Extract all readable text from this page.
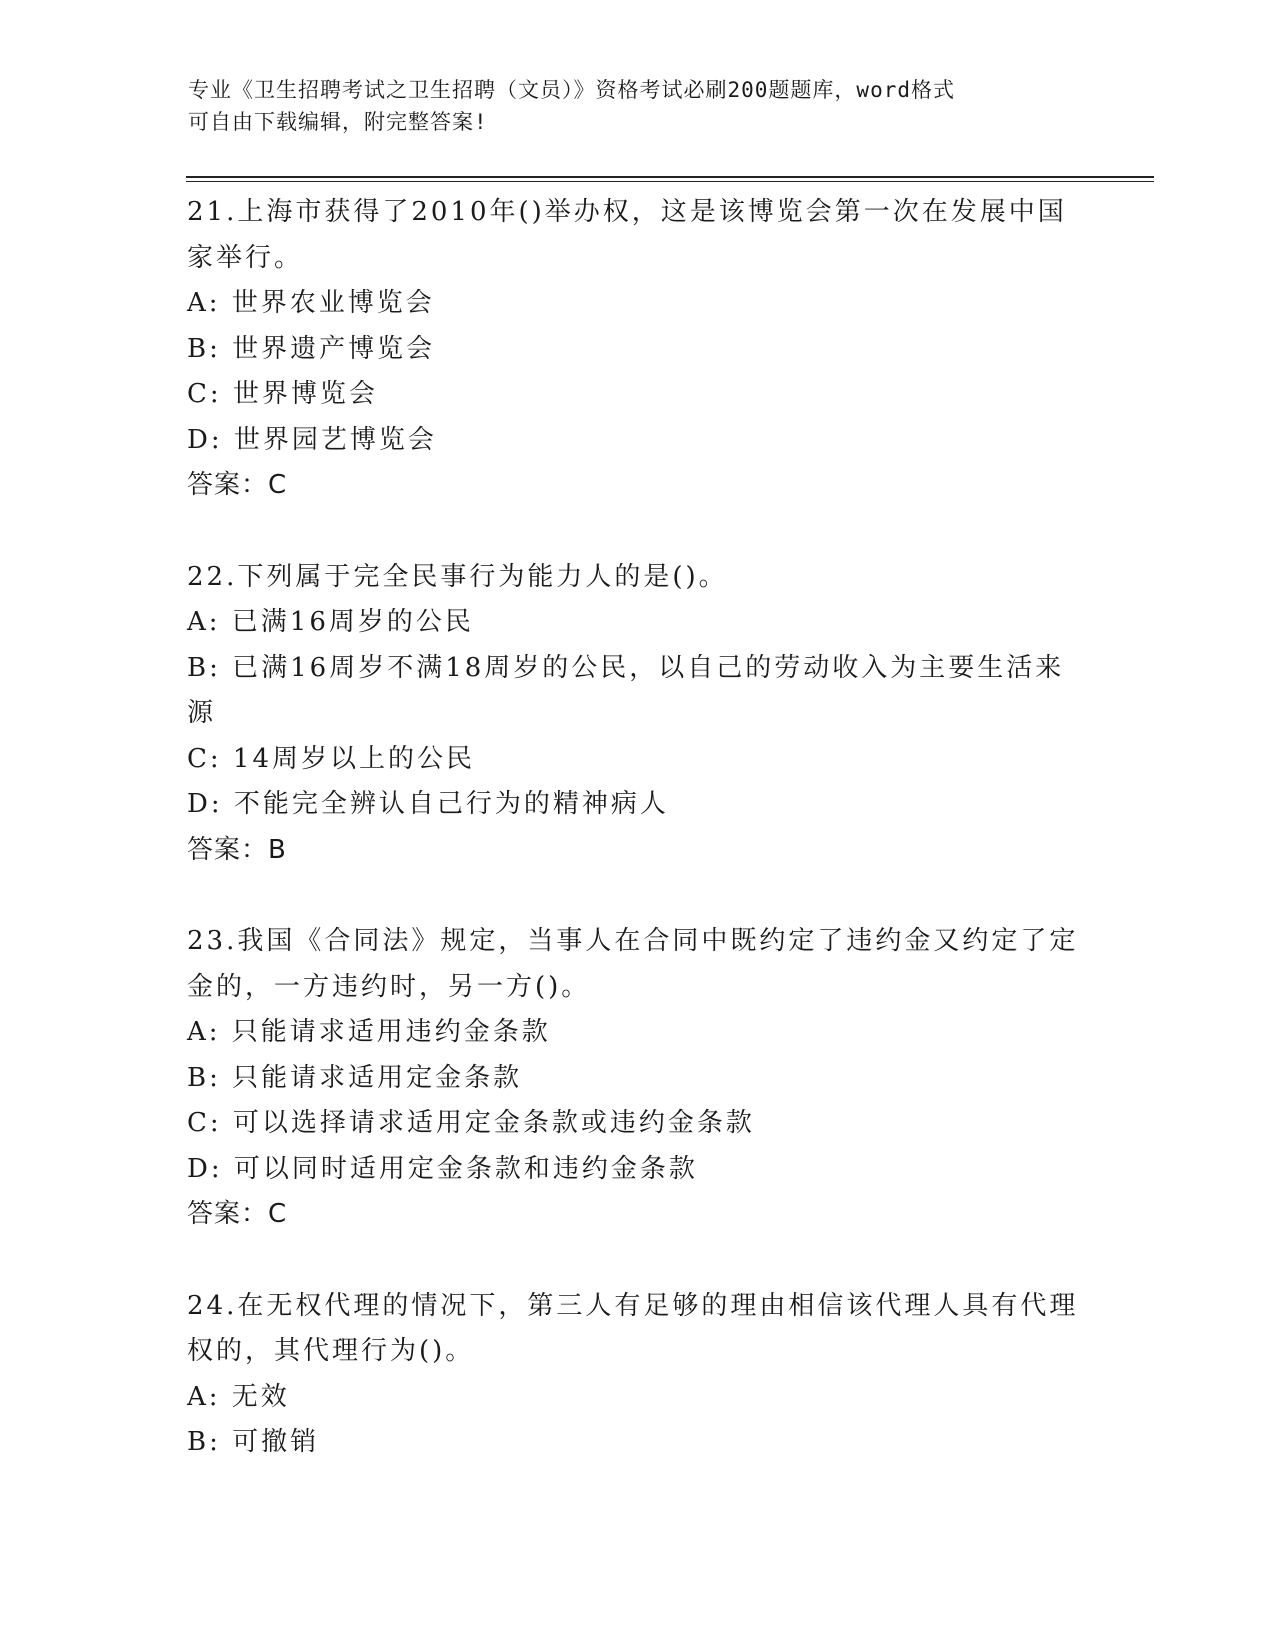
专业《卫生招聘考试之卫生招聘（文员）》资格考试必刷200题题库，word格式
可自由下载编辑，附完整答案!
21.上海市获得了2010年()举办权，这是该博览会第一次在发展中国
家举行。
A: 世界农业博览会
B: 世界遗产博览会
C: 世界博览会
D: 世界园艺博览会
答案：C
22.下列属于完全民事行为能力人的是()。
A: 已满16周岁的公民
B: 已满16周岁不满18周岁的公民，以自己的劳动收入为主要生活来
源
C: 14周岁以上的公民
D: 不能完全辨认自己行为的精神病人
答案：B
23.我国《合同法》规定，当事人在合同中既约定了违约金又约定了定
金的，一方违约时，另一方()。
A: 只能请求适用违约金条款
B: 只能请求适用定金条款
C: 可以选择请求适用定金条款或违约金条款
D: 可以同时适用定金条款和违约金条款
答案：C
24.在无权代理的情况下，第三人有足够的理由相信该代理人具有代理
权的，其代理行为()。
A: 无效
B: 可撤销
